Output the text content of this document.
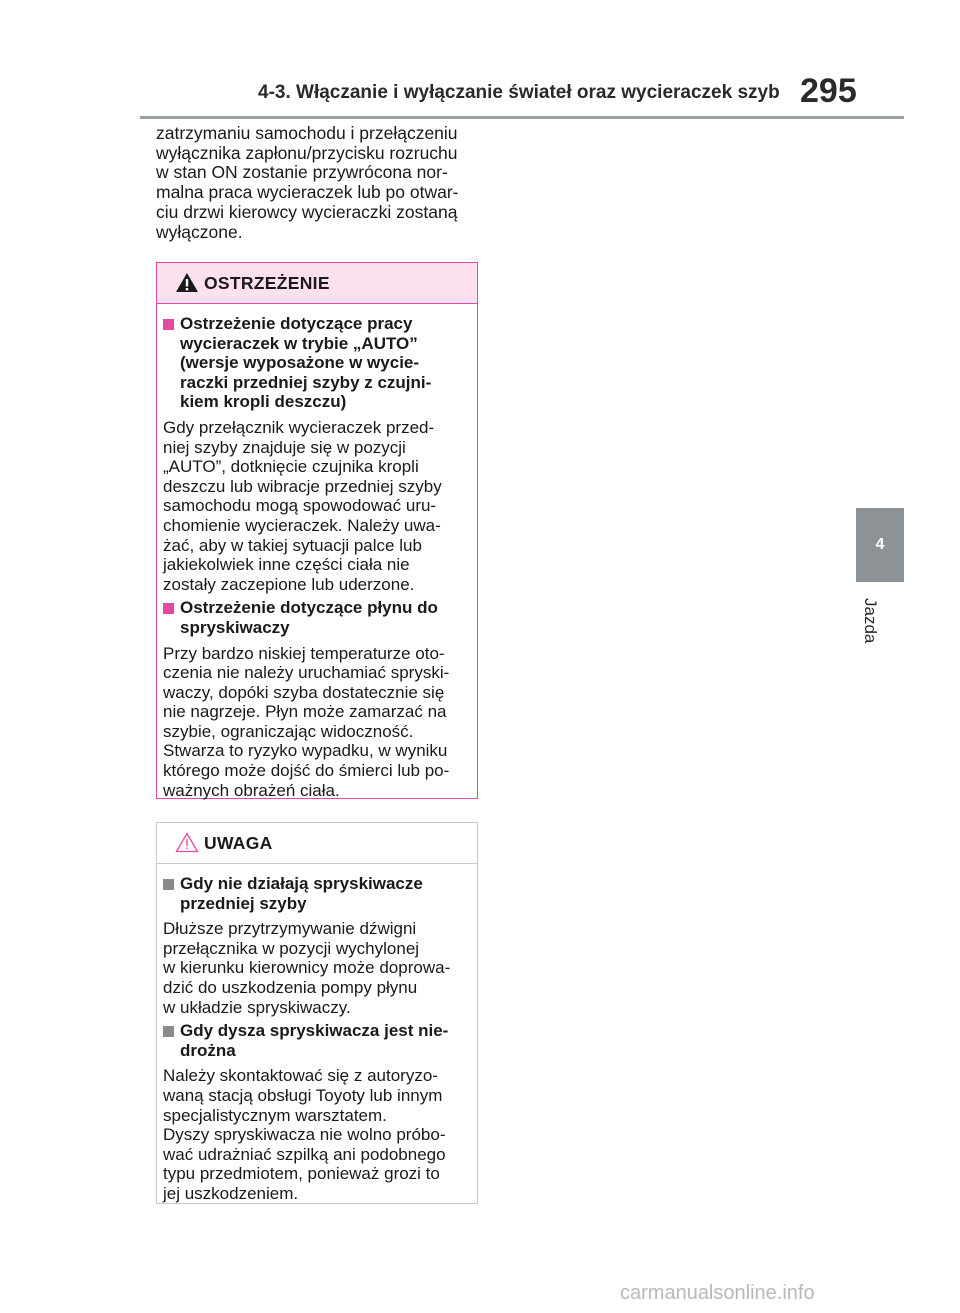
4-3. Włączanie i wyłączanie świateł oraz wycieraczek szyb 295
4
Jazda

zatrzymaniu samochodu i przełączeniu
wyłącznika zapłonu/przycisku rozruchu
w stan ON zostanie przywrócona nor-
malna praca wycieraczek lub po otwar-
ciu drzwi kierowcy wycieraczki zostaną
wyłączone.

OSTRZEŻENIE
Ostrzeżenie dotyczące pracy
wycieraczek w trybie „AUTO”
(wersje wyposażone w wycie-
raczki przedniej szyby z czujni-
kiem kropli deszczu)

Gdy przełącznik wycieraczek przed-
niej szyby znajduje się w pozycji
„AUTO”, dotknięcie czujnika kropli
deszczu lub wibracje przedniej szyby
samochodu mogą spowodować uru-
chomienie wycieraczek. Należy uwa-
żać, aby w takiej sytuacji palce lub
jakiekolwiek inne części ciała nie
zostały zaczepione lub uderzone.

Ostrzeżenie dotyczące płynu do
spryskiwaczy

Przy bardzo niskiej temperaturze oto-
czenia nie należy uruchamiać spryski-
waczy, dopóki szyba dostatecznie się
nie nagrzeje. Płyn może zamarzać na
szybie, ograniczając widoczność.
Stwarza to ryzyko wypadku, w wyniku
którego może dojść do śmierci lub po-
ważnych obrażeń ciała.

UWAGA
Gdy nie działają spryskiwacze
przedniej szyby

Dłuższe przytrzymywanie dźwigni
przełącznika w pozycji wychylonej
w kierunku kierownicy może doprowa-
dzić do uszkodzenia pompy płynu
w układzie spryskiwaczy.

Gdy dysza spryskiwacza jest nie-
drożna

Należy skontaktować się z autoryzo-
waną stacją obsługi Toyoty lub innym
specjalistycznym warsztatem.
Dyszy spryskiwacza nie wolno próbo-
wać udrażniać szpilką ani podobnego
typu przedmiotem, ponieważ grozi to
jej uszkodzeniem.

carmanualsonline.info
